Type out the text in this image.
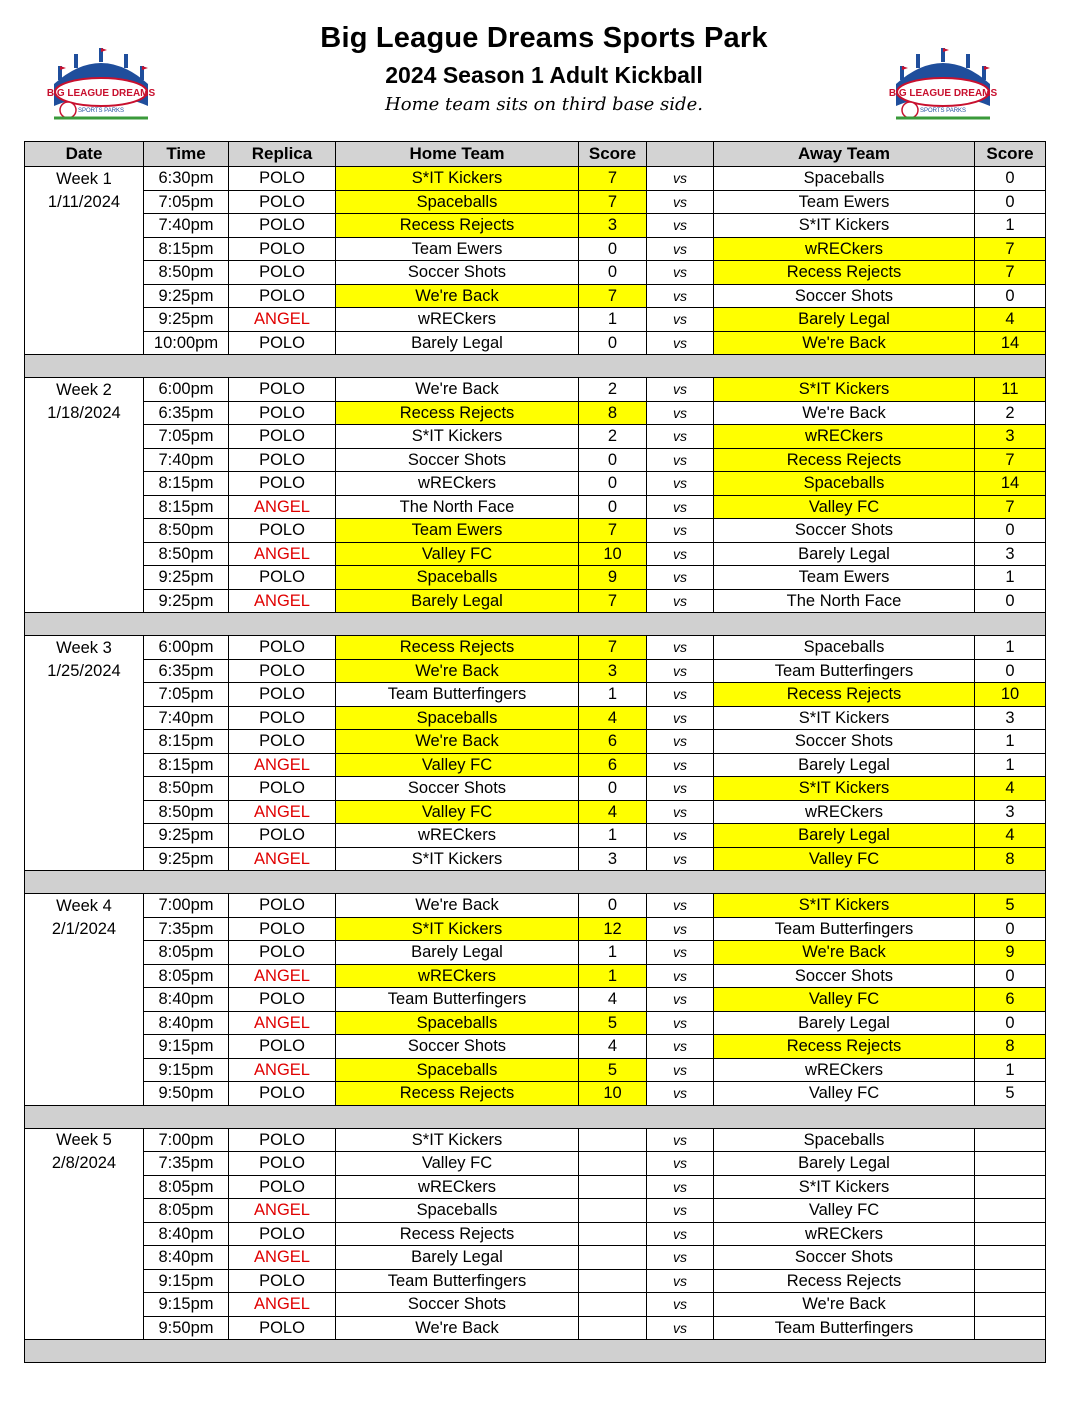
BIG LEAGUE DREAMS
SPORTS PARKS
BIG LEAGUE DREAMS
SPORTS PARKS
Big League Dreams Sports Park
2024 Season 1 Adult Kickball
Home team sits on third base side.
Date	Time	Replica	Home Team	Score		Away Team	Score
Week 1	6:30pm	POLO	S*IT Kickers	7	vs	Spaceballs	0
1/11/2024	7:05pm	POLO	Spaceballs	7	vs	Team Ewers	0
	7:40pm	POLO	Recess Rejects	3	vs	S*IT Kickers	1
	8:15pm	POLO	Team Ewers	0	vs	wRECkers	7
	8:50pm	POLO	Soccer Shots	0	vs	Recess Rejects	7
	9:25pm	POLO	We're Back	7	vs	Soccer Shots	0
	9:25pm	ANGEL	wRECkers	1	vs	Barely Legal	4
	10:00pm	POLO	Barely Legal	0	vs	We're Back	14

Week 2	6:00pm	POLO	We're Back	2	vs	S*IT Kickers	11
1/18/2024	6:35pm	POLO	Recess Rejects	8	vs	We're Back	2
	7:05pm	POLO	S*IT Kickers	2	vs	wRECkers	3
	7:40pm	POLO	Soccer Shots	0	vs	Recess Rejects	7
	8:15pm	POLO	wRECkers	0	vs	Spaceballs	14
	8:15pm	ANGEL	The North Face	0	vs	Valley FC	7
	8:50pm	POLO	Team Ewers	7	vs	Soccer Shots	0
	8:50pm	ANGEL	Valley FC	10	vs	Barely Legal	3
	9:25pm	POLO	Spaceballs	9	vs	Team Ewers	1
	9:25pm	ANGEL	Barely Legal	7	vs	The North Face	0

Week 3	6:00pm	POLO	Recess Rejects	7	vs	Spaceballs	1
1/25/2024	6:35pm	POLO	We're Back	3	vs	Team Butterfingers	0
	7:05pm	POLO	Team Butterfingers	1	vs	Recess Rejects	10
	7:40pm	POLO	Spaceballs	4	vs	S*IT Kickers	3
	8:15pm	POLO	We're Back	6	vs	Soccer Shots	1
	8:15pm	ANGEL	Valley FC	6	vs	Barely Legal	1
	8:50pm	POLO	Soccer Shots	0	vs	S*IT Kickers	4
	8:50pm	ANGEL	Valley FC	4	vs	wRECkers	3
	9:25pm	POLO	wRECkers	1	vs	Barely Legal	4
	9:25pm	ANGEL	S*IT Kickers	3	vs	Valley FC	8

Week 4	7:00pm	POLO	We're Back	0	vs	S*IT Kickers	5
2/1/2024	7:35pm	POLO	S*IT Kickers	12	vs	Team Butterfingers	0
	8:05pm	POLO	Barely Legal	1	vs	We're Back	9
	8:05pm	ANGEL	wRECkers	1	vs	Soccer Shots	0
	8:40pm	POLO	Team Butterfingers	4	vs	Valley FC	6
	8:40pm	ANGEL	Spaceballs	5	vs	Barely Legal	0
	9:15pm	POLO	Soccer Shots	4	vs	Recess Rejects	8
	9:15pm	ANGEL	Spaceballs	5	vs	wRECkers	1
	9:50pm	POLO	Recess Rejects	10	vs	Valley FC	5

Week 5	7:00pm	POLO	S*IT Kickers		vs	Spaceballs	
2/8/2024	7:35pm	POLO	Valley FC		vs	Barely Legal	
	8:05pm	POLO	wRECkers		vs	S*IT Kickers	
	8:05pm	ANGEL	Spaceballs		vs	Valley FC	
	8:40pm	POLO	Recess Rejects		vs	wRECkers	
	8:40pm	ANGEL	Barely Legal		vs	Soccer Shots	
	9:15pm	POLO	Team Butterfingers		vs	Recess Rejects	
	9:15pm	ANGEL	Soccer Shots		vs	We're Back	
	9:50pm	POLO	We're Back		vs	Team Butterfingers	
